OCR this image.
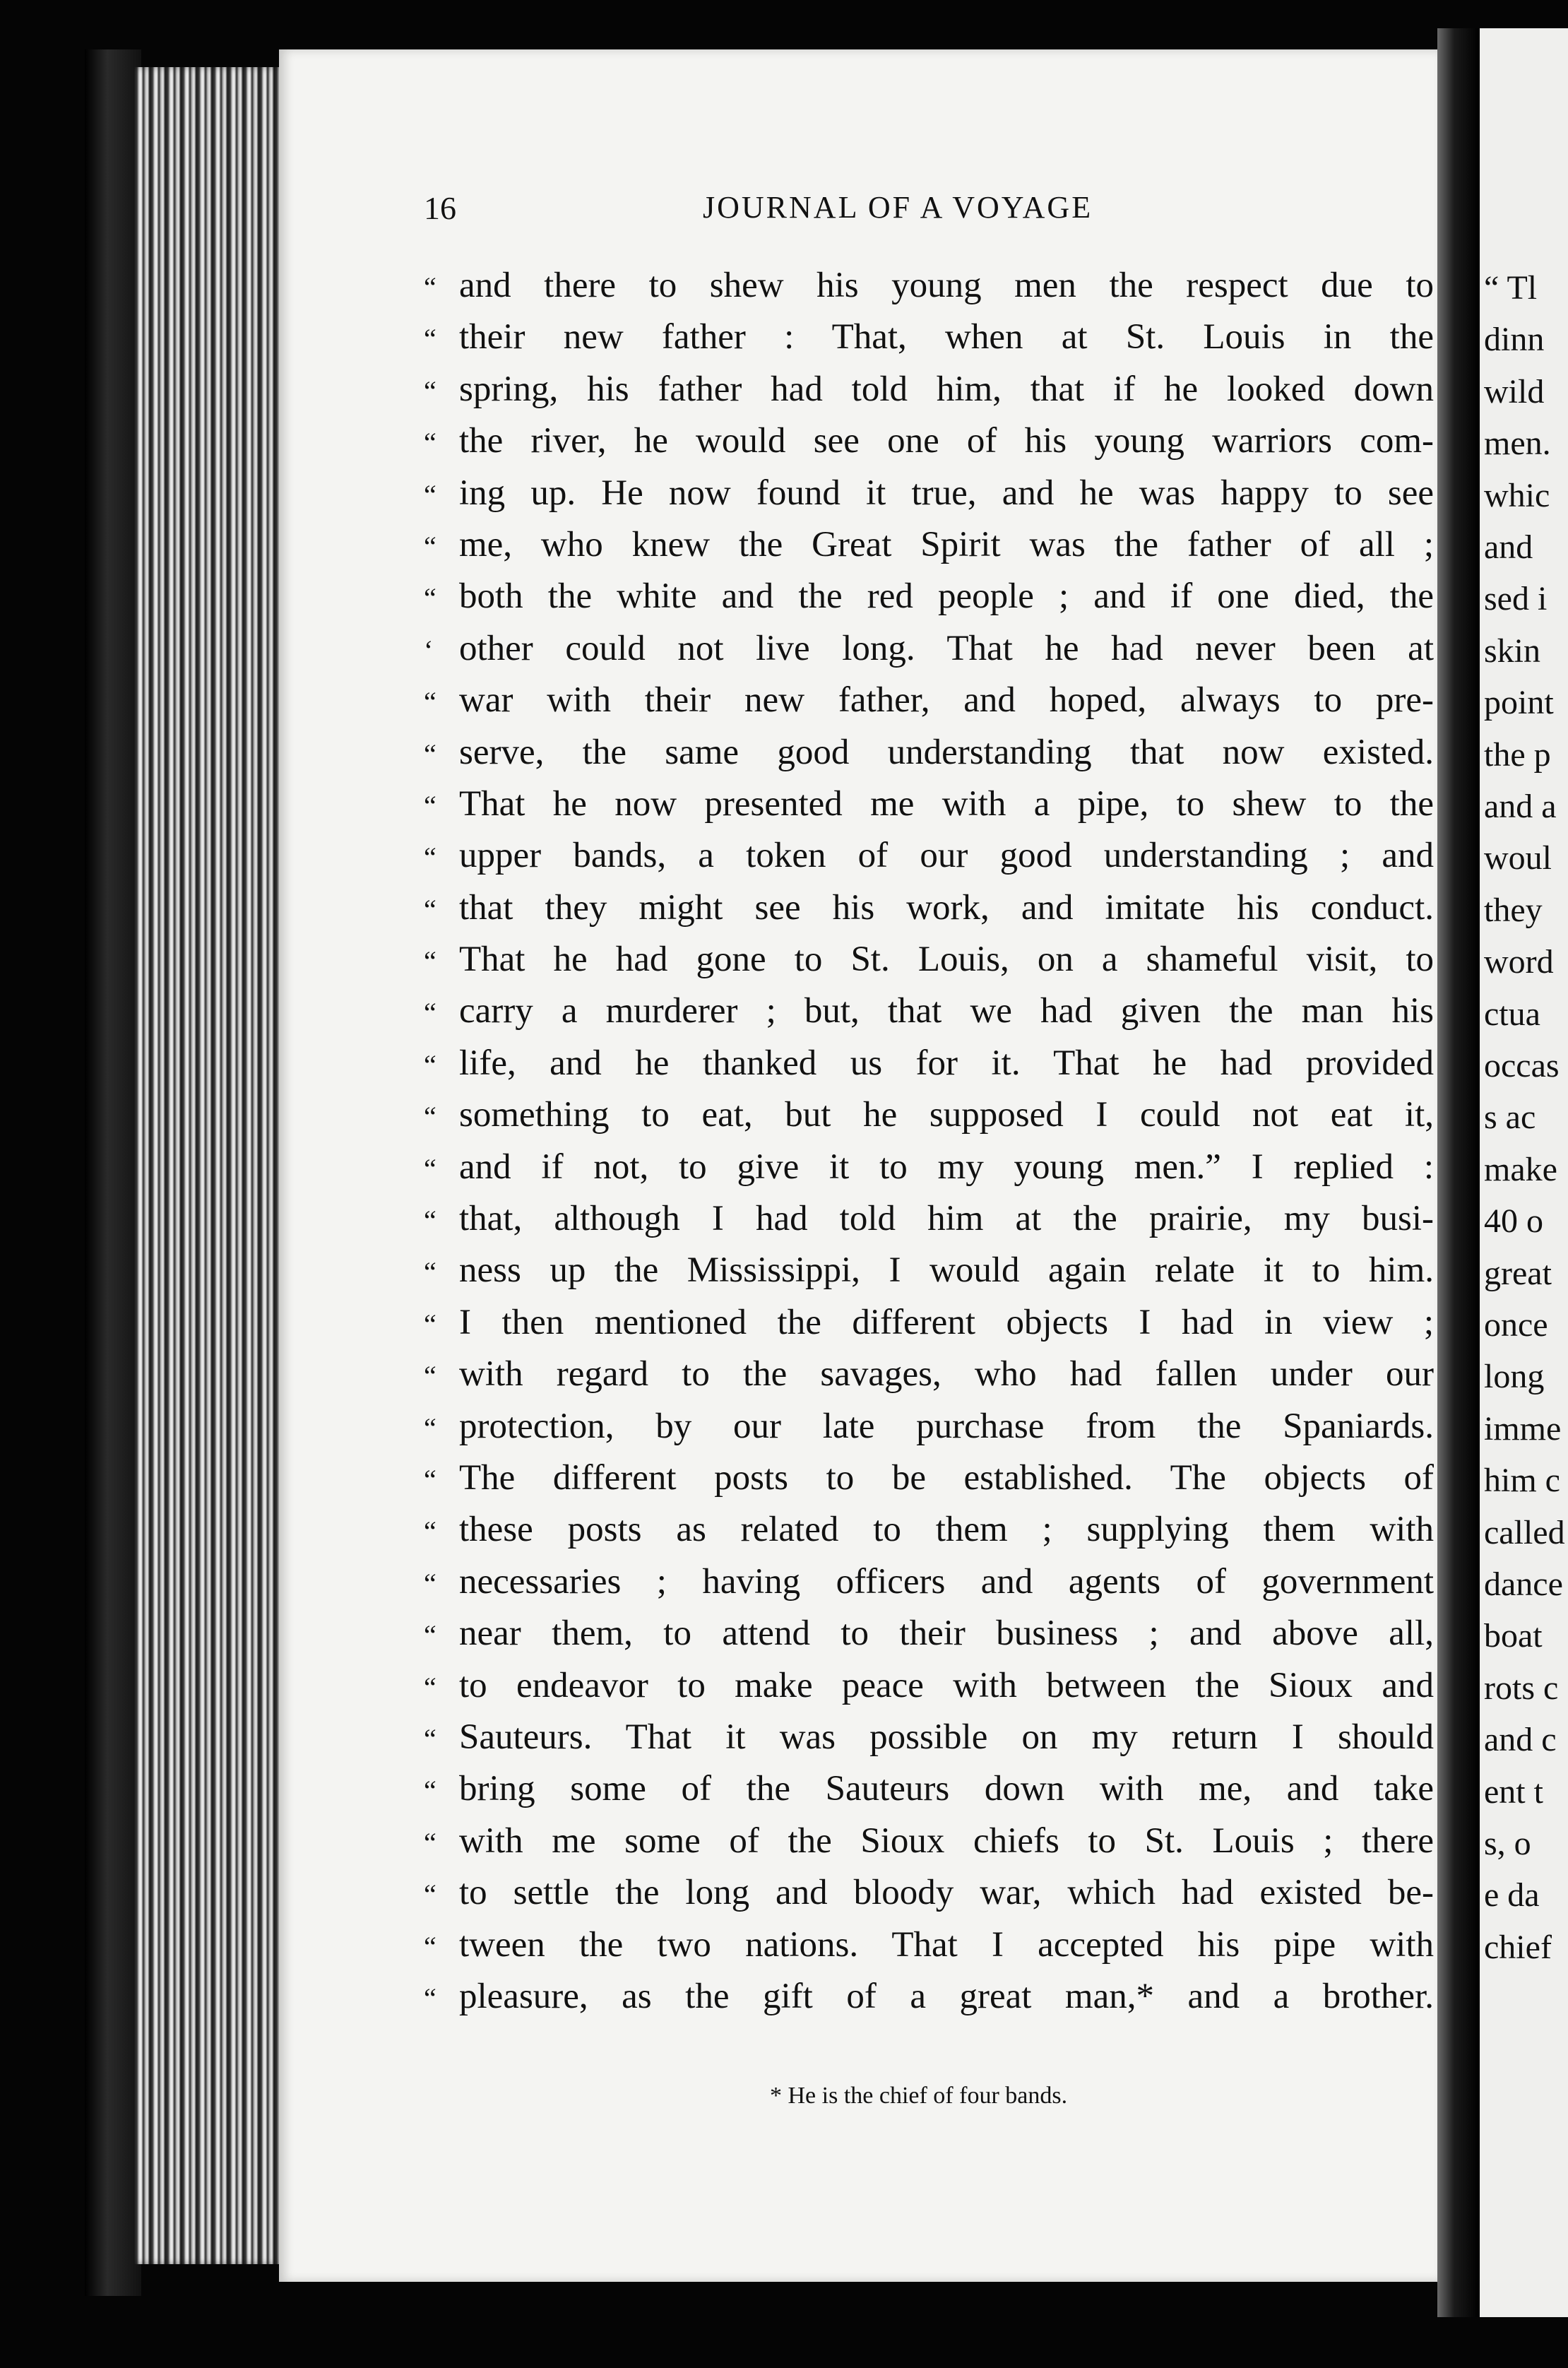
“ Tl
dinn
wild
men.
whic
and
sed i
skin
point
the p
and a
woul
they
word
ctua
occas
s ac
make
40 o
great
once
long
imme
him c
called
dance
boat
rots c
and c
ent t
s, o
e da
chief
16	JOURNAL OF A VOYAGE
“ and there to shew his young men the respect due to
“ their new father : That, when at St. Louis in the
“ spring, his father had told him, that if he looked down
“ the river, he would see one of his young warriors com-
“ ing up. He now found it true, and he was happy to see
“ me, who knew the Great Spirit was the father of all ;
“ both the white and the red people ; and if one died, the
‘ other could not live long. That he had never been at
“ war with their new father, and hoped, always to pre-
“ serve, the same good understanding that now existed.
“ That he now presented me with a pipe, to shew to the
“ upper bands, a token of our good understanding ; and
“ that they might see his work, and imitate his conduct.
“ That he had gone to St. Louis, on a shameful visit, to
“ carry a murderer ; but, that we had given the man his
“ life, and he thanked us for it. That he had provided
“ something to eat, but he supposed I could not eat it,
“ and if not, to give it to my young men.” I replied :
“ that, although I had told him at the prairie, my busi-
“ ness up the Mississippi, I would again relate it to him.
“ I then mentioned the different objects I had in view ;
“ with regard to the savages, who had fallen under our
“ protection, by our late purchase from the Spaniards.
“ The different posts to be established. The objects of
“ these posts as related to them ; supplying them with
“ necessaries ; having officers and agents of government
“ near them, to attend to their business ; and above all,
“ to endeavor to make peace with between the Sioux and
“ Sauteurs. That it was possible on my return I should
“ bring some of the Sauteurs down with me, and take
“ with me some of the Sioux chiefs to St. Louis ; there
“ to settle the long and bloody war, which had existed be-
“ tween the two nations. That I accepted his pipe with
“ pleasure, as the gift of a great man,* and a brother.
* He is the chief of four bands.
